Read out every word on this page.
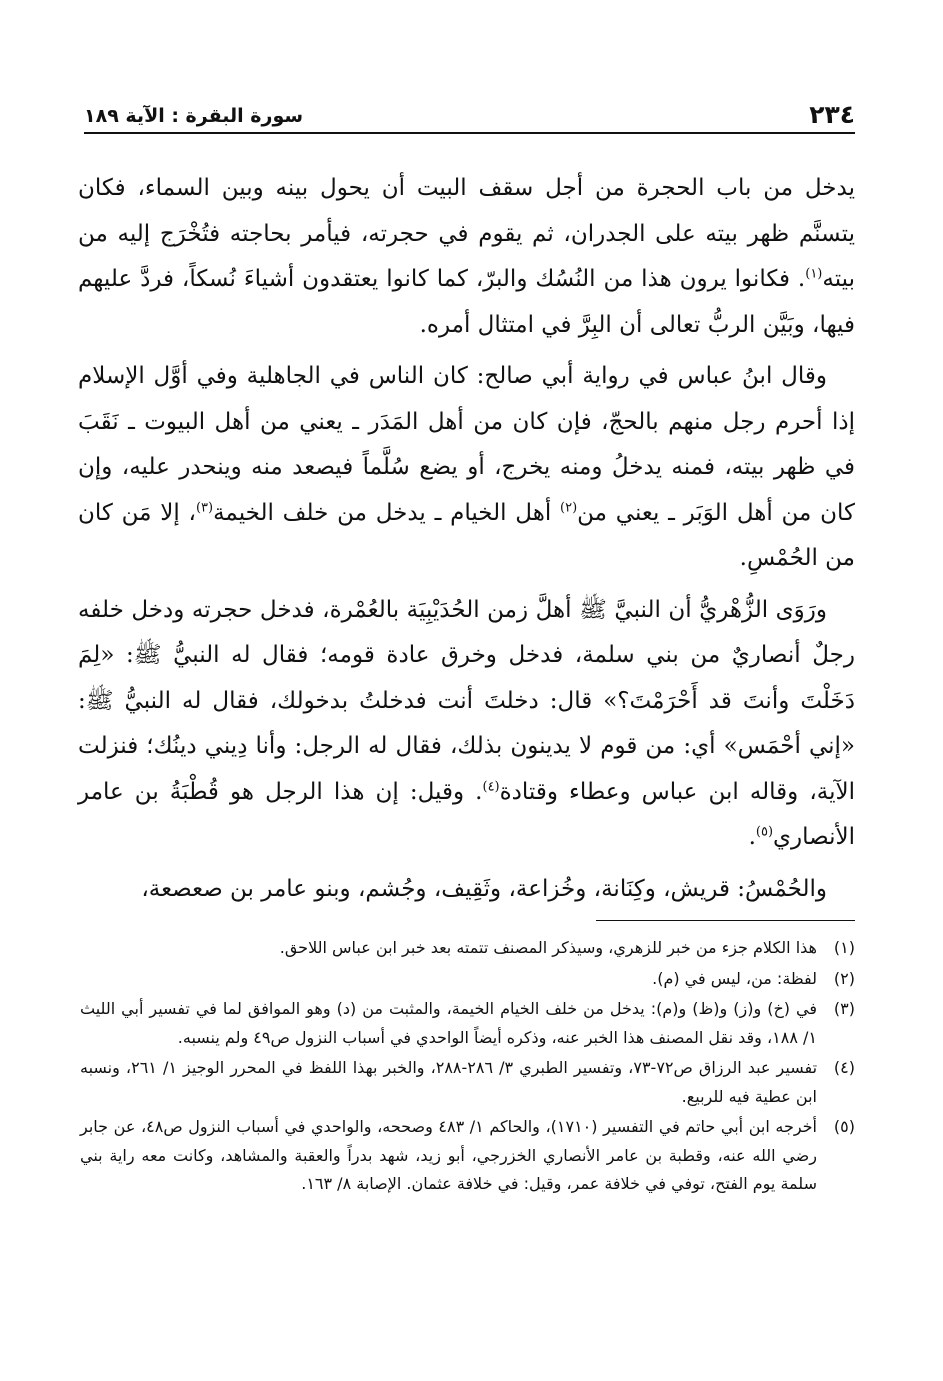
٢٣٤
سورة البقرة : الآية ١٨٩

يدخل من باب الحجرة من أجل سقف البيت أن يحول بينه وبين السماء، فكان يتسنَّم ظهر بيته على الجدران، ثم يقوم في حجرته، فيأمر بحاجته فتُخْرَج إليه من بيته$^{(١)}$. فكانوا يرون هذا من النُسُك والبرّ، كما كانوا يعتقدون أشياءَ نُسكاً، فردَّ عليهم فيها، وبَيَّن الربُّ تعالى أن البِرَّ في امتثال أمره.

وقال ابنُ عباس في رواية أبي صالح: كان الناس في الجاهلية وفي أوَّل الإسلام إذا أحرم رجل منهم بالحجّ، فإن كان من أهل المَدَر ـ يعني من أهل البيوت ـ نَقَبَ في ظهر بيته، فمنه يدخلُ ومنه يخرج، أو يضع سُلَّماً فيصعد منه وينحدر عليه، وإن كان من أهل الوَبَر ـ يعني من$^{(٢)}$ أهل الخيام ـ يدخل من خلف الخيمة$^{(٣)}$، إلا مَن كان من الحُمْسِ.

ورَوَى الزُّهْريُّ أن النبيَّ ﷺ أهلَّ زمن الحُدَيْبِيَة بالعُمْرة، فدخل حجرته ودخل خلفه رجلٌ أنصاريٌ من بني سلمة، فدخل وخرق عادة قومه؛ فقال له النبيُّ ﷺ: «لِمَ دَخَلْتَ وأنتَ قد أَحْرَمْتَ؟» قال: دخلتَ أنت فدخلتُ بدخولك، فقال له النبيُّ ﷺ: «إني أحْمَس» أي: من قوم لا يدينون بذلك، فقال له الرجل: وأنا دِيني دينُك؛ فنزلت الآية، وقاله ابن عباس وعطاء وقتادة$^{(٤)}$. وقيل: إن هذا الرجل هو قُطْبَةُ بن عامر الأنصاري$^{(٥)}$.

والحُمْسُ: قريش، وكِنَانة، وخُزاعة، وثَقِيف، وجُشم، وبنو عامر بن صعصعة،

(١)
هذا الكلام جزء من خبر للزهري، وسيذكر المصنف تتمته بعد خبر ابن عباس اللاحق.
(٢)
لفظة: من، ليس في (م).
(٣)
في (خ) و(ز) و(ظ) و(م): يدخل من خلف الخيام الخيمة، والمثبت من (د) وهو الموافق لما في تفسير أبي الليث ١/ ١٨٨، وقد نقل المصنف هذا الخبر عنه، وذكره أيضاً الواحدي في أسباب النزول ص٤٩ ولم ينسبه.
(٤)
تفسير عبد الرزاق ص٧٢-٧٣، وتفسير الطبري ٣/ ٢٨٦-٢٨٨، والخبر بهذا اللفظ في المحرر الوجيز ١/ ٢٦١، ونسبه ابن عطية فيه للربيع.
(٥)
أخرجه ابن أبي حاتم في التفسير (١٧١٠)، والحاكم ١/ ٤٨٣ وصححه، والواحدي في أسباب النزول ص٤٨، عن جابر رضي الله عنه، وقطبة بن عامر الأنصاري الخزرجي، أبو زيد، شهد بدراً والعقبة والمشاهد، وكانت معه راية بني سلمة يوم الفتح، توفي في خلافة عمر، وقيل: في خلافة عثمان. الإصابة ٨/ ١٦٣.
